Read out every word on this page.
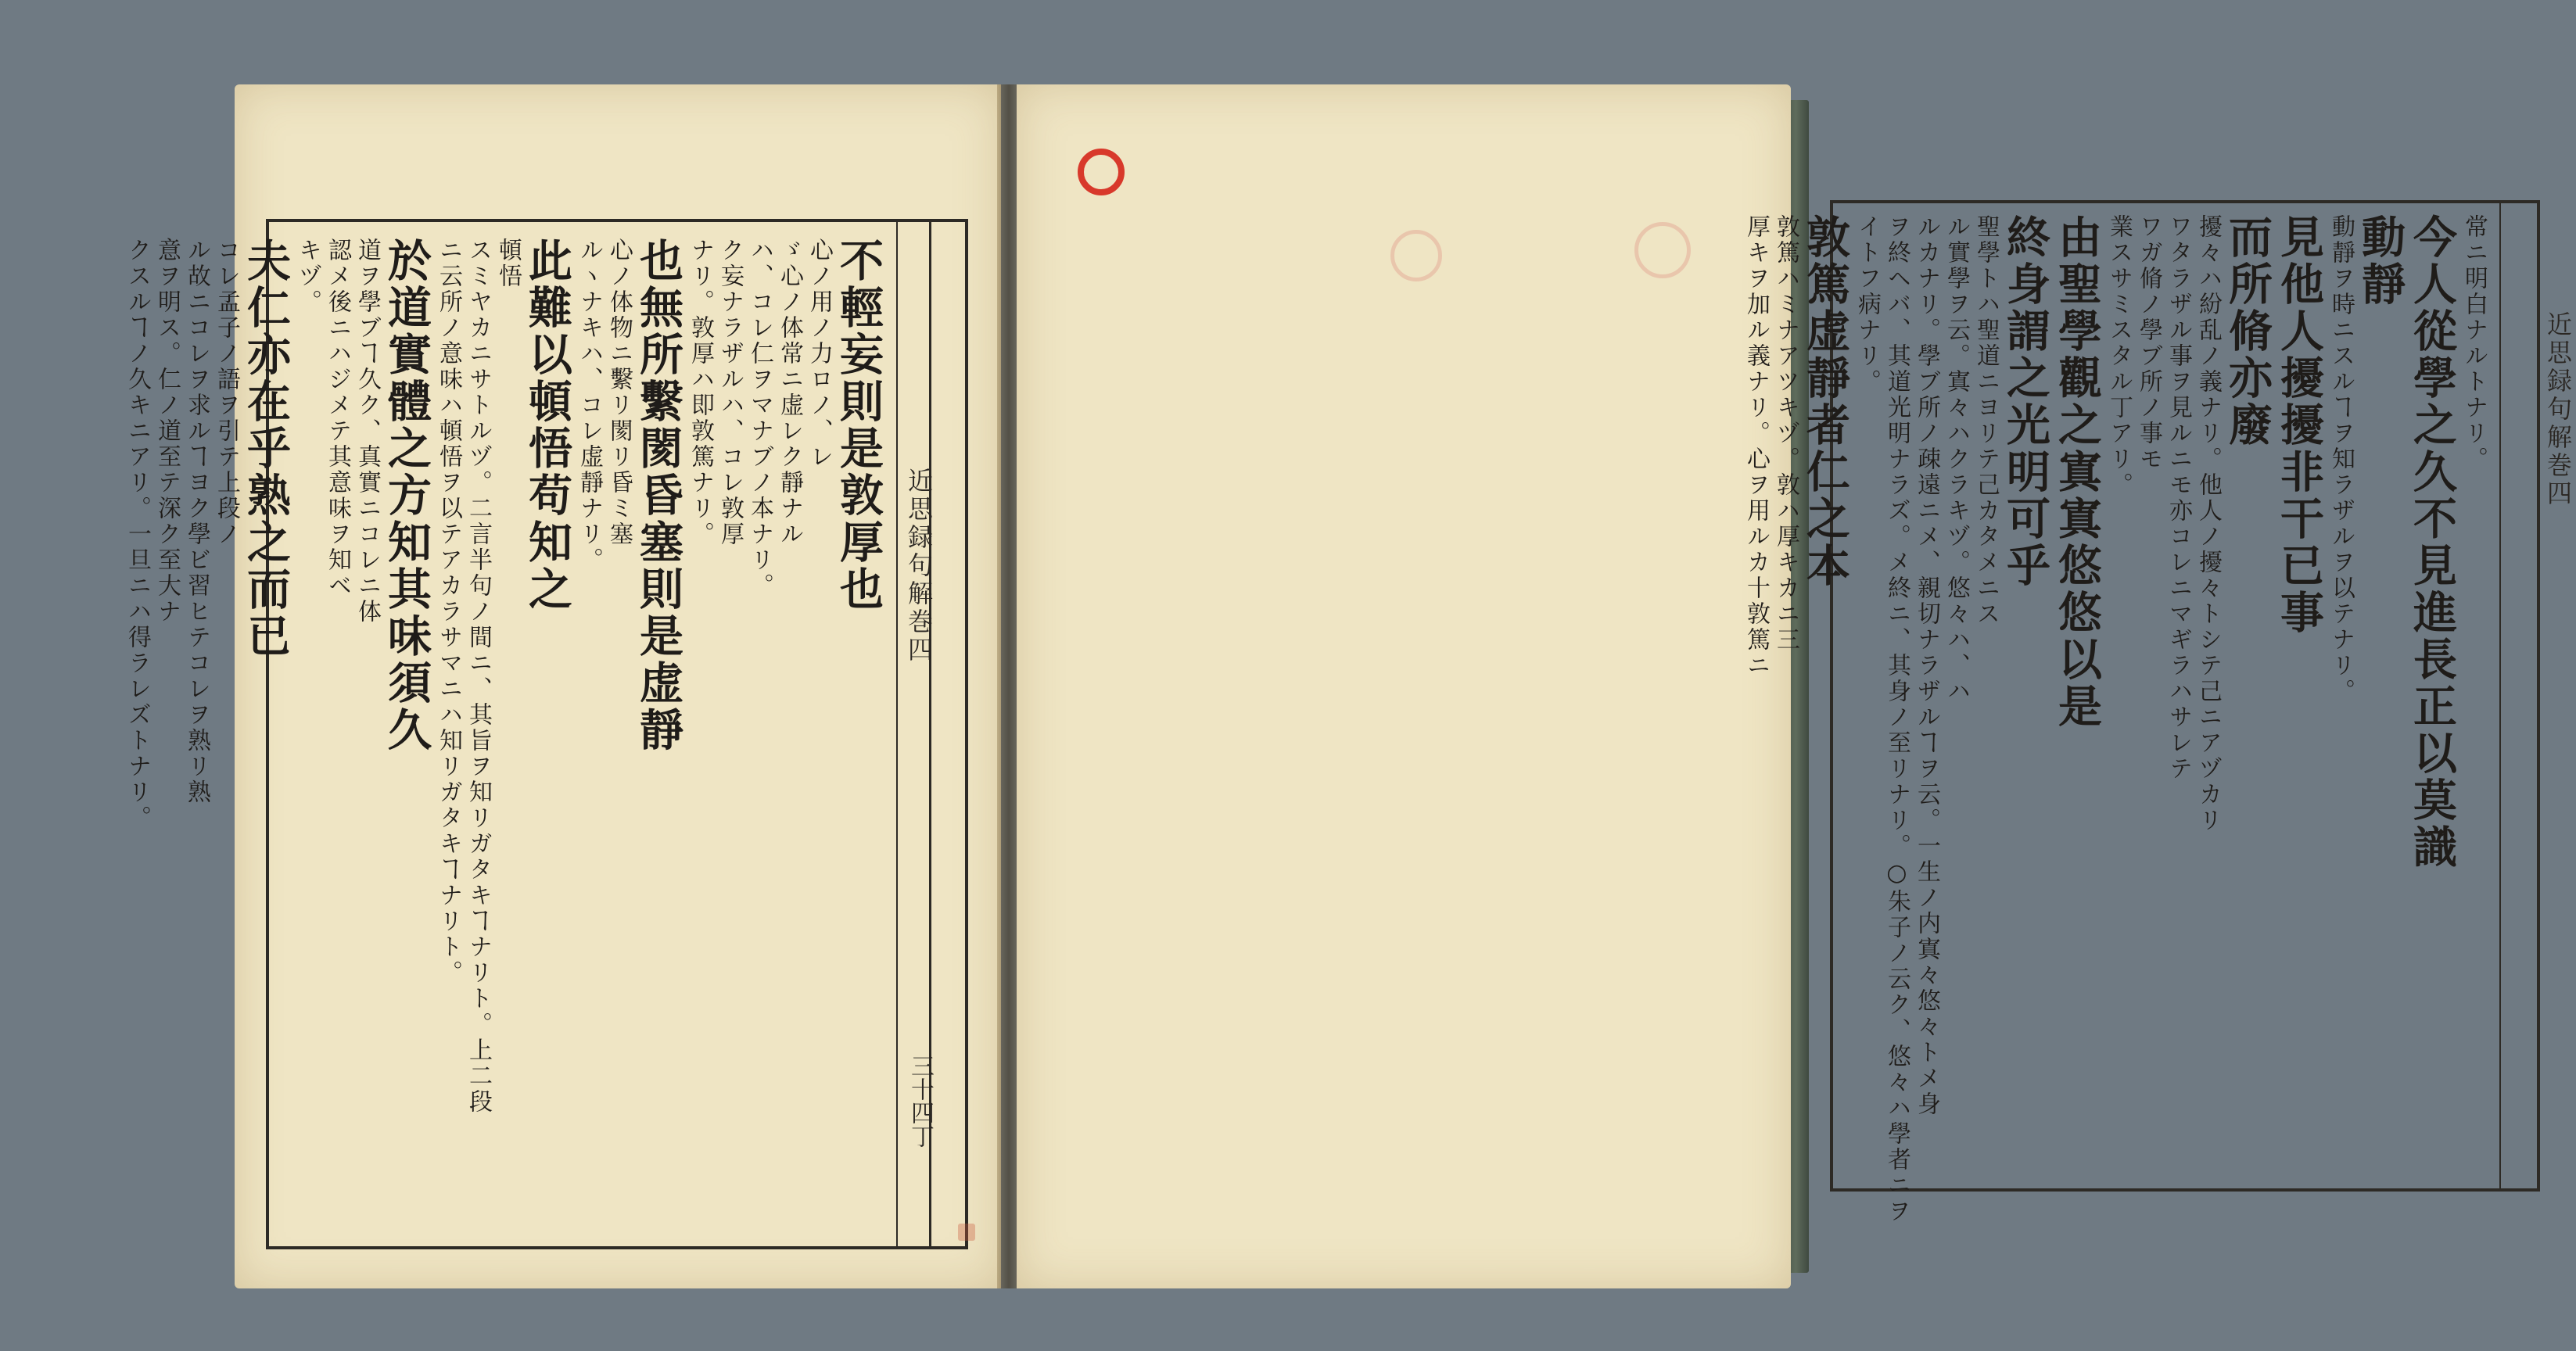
近思録句解巻四
三十四丁
不輕妄則是敦厚也
心ノ用ノ力ロノ、レ
ゞ心ノ体常ニ虚レク靜ナル
ハ、コレ仁ヲマナブノ本ナリ。
ク妄ナラザルハ、コレ敦厚
ナリ。敦厚ハ即敦篤ナリ。
也無所繫閡昏塞則是虚靜
心ノ体物ニ繫リ閡リ昏ミ塞
ルヽナキハ、コレ虚靜ナリ。
此難以頓悟苟知之
頓悟
スミヤカニサトルヅ。二言半句ノ間ニ、其旨ヲ知リガタキヿナリト。上二段
ニ云所ノ意味ハ頓悟ヲ以テアカラサマニハ知リガタキヿナリト。
於道實體之方知其味須久
道ヲ學ブヿ久ク、真實ニコレニ体
認メ後ニハジメテ其意味ヲ知ベ
キヅ。
夫仁亦在乎熟之而已
コレ孟子ノ語ヲ引テ上段ノ
ル故ニコレヲ求ルヿヨク學ビ習ヒテコレヲ熟リ熟
意ヲ明ス。仁ノ道至テ深ク至大ナ
クスルヿノ久キニアリ。一旦ニハ得ラレズトナリ。	近思録句解巻四
常ニ明白ナルトナリ。
今人從學之久不見進長正以莫識
動靜
動靜ヲ時ニスルヿヲ知ラザルヲ以テナリ。
見他人擾擾非干已事
而所脩亦廢
擾々ハ紛乱ノ義ナリ。他人ノ擾々トシテ己ニアヅカリ
ワタラザル事ヲ見ルニモ亦コレニマギラハサレテ
ワガ脩ノ學ブ所ノ事モ
業スサミスタル丁アリ。
由聖學觀之寘寘悠悠以是
終身謂之光明可乎
聖學トハ聖道ニヨリテ己カタメニス
ル實學ヲ云。寘々ハクラキヅ。悠々ハ、ハ
ルカナリ。學ブ所ノ疎遠ニメ、親切ナラザルヿヲ云。一生ノ内寘々悠々トメ身
ヲ終ヘバ、其道光明ナラズ。メ終ニ、其身ノ至リナリ。○朱子ノ云ク、悠々ハ學者ニヲ
イトフ病ナリ。
敦篤虚靜者仁之本
敦篤ハミナアツキヅ。敦ハ厚キカニ三
厚キヲ加ル義ナリ。心ヲ用ルカ十敦篤ニ
